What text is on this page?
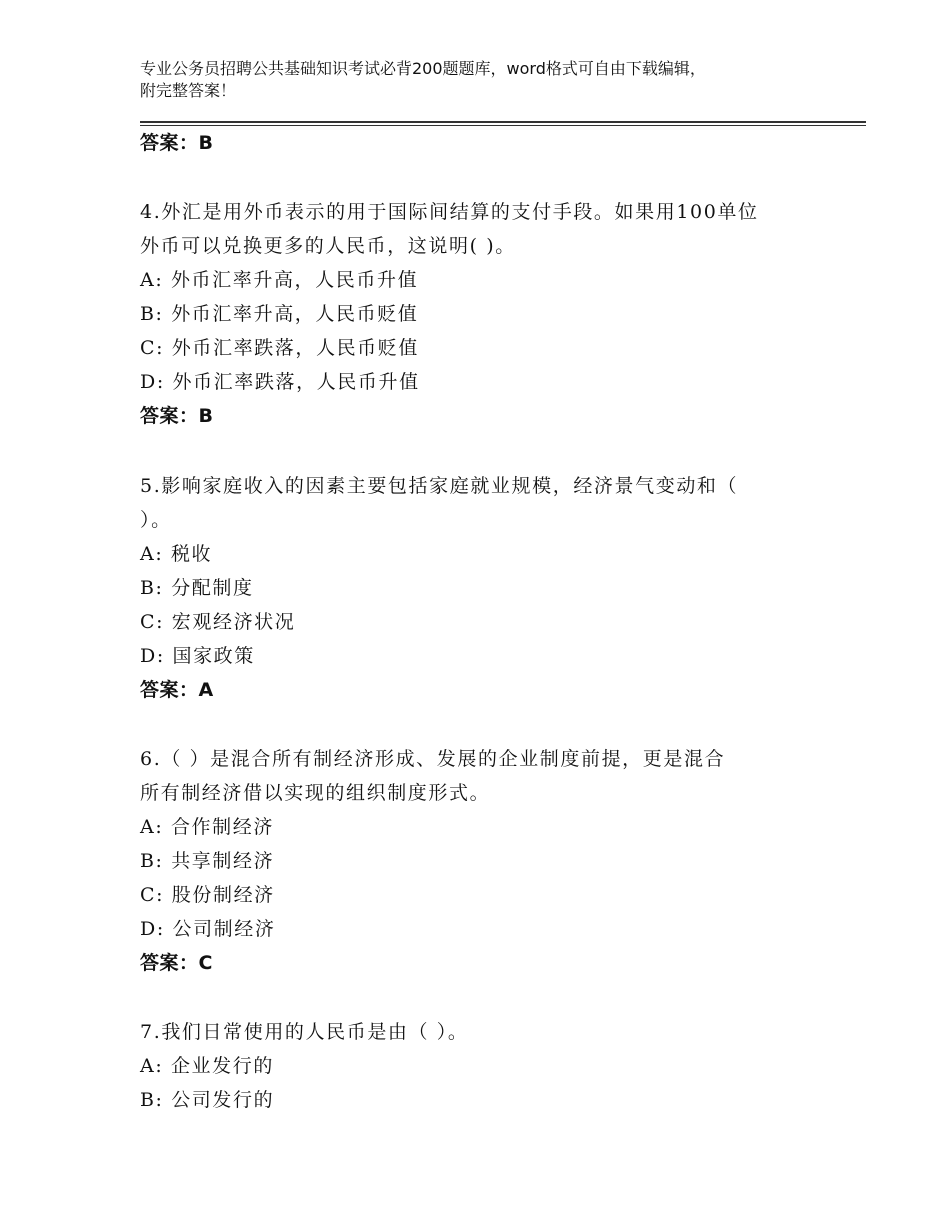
专业公务员招聘公共基础知识考试必背200题题库，word格式可自由下载编辑，
附完整答案！
答案：B
4.外汇是用外币表示的用于国际间结算的支付手段。如果用100单位
外币可以兑换更多的人民币，这说明( )。
A: 外币汇率升高，人民币升值
B: 外币汇率升高，人民币贬值
C: 外币汇率跌落，人民币贬值
D: 外币汇率跌落，人民币升值
答案：B
5.影响家庭收入的因素主要包括家庭就业规模，经济景气变动和（
）。
A: 税收
B: 分配制度
C: 宏观经济状况
D: 国家政策
答案：A
6.（ ）是混合所有制经济形成、发展的企业制度前提，更是混合
所有制经济借以实现的组织制度形式。
A: 合作制经济
B: 共享制经济
C: 股份制经济
D: 公司制经济
答案：C
7.我们日常使用的人民币是由（ ）。
A: 企业发行的
B: 公司发行的
